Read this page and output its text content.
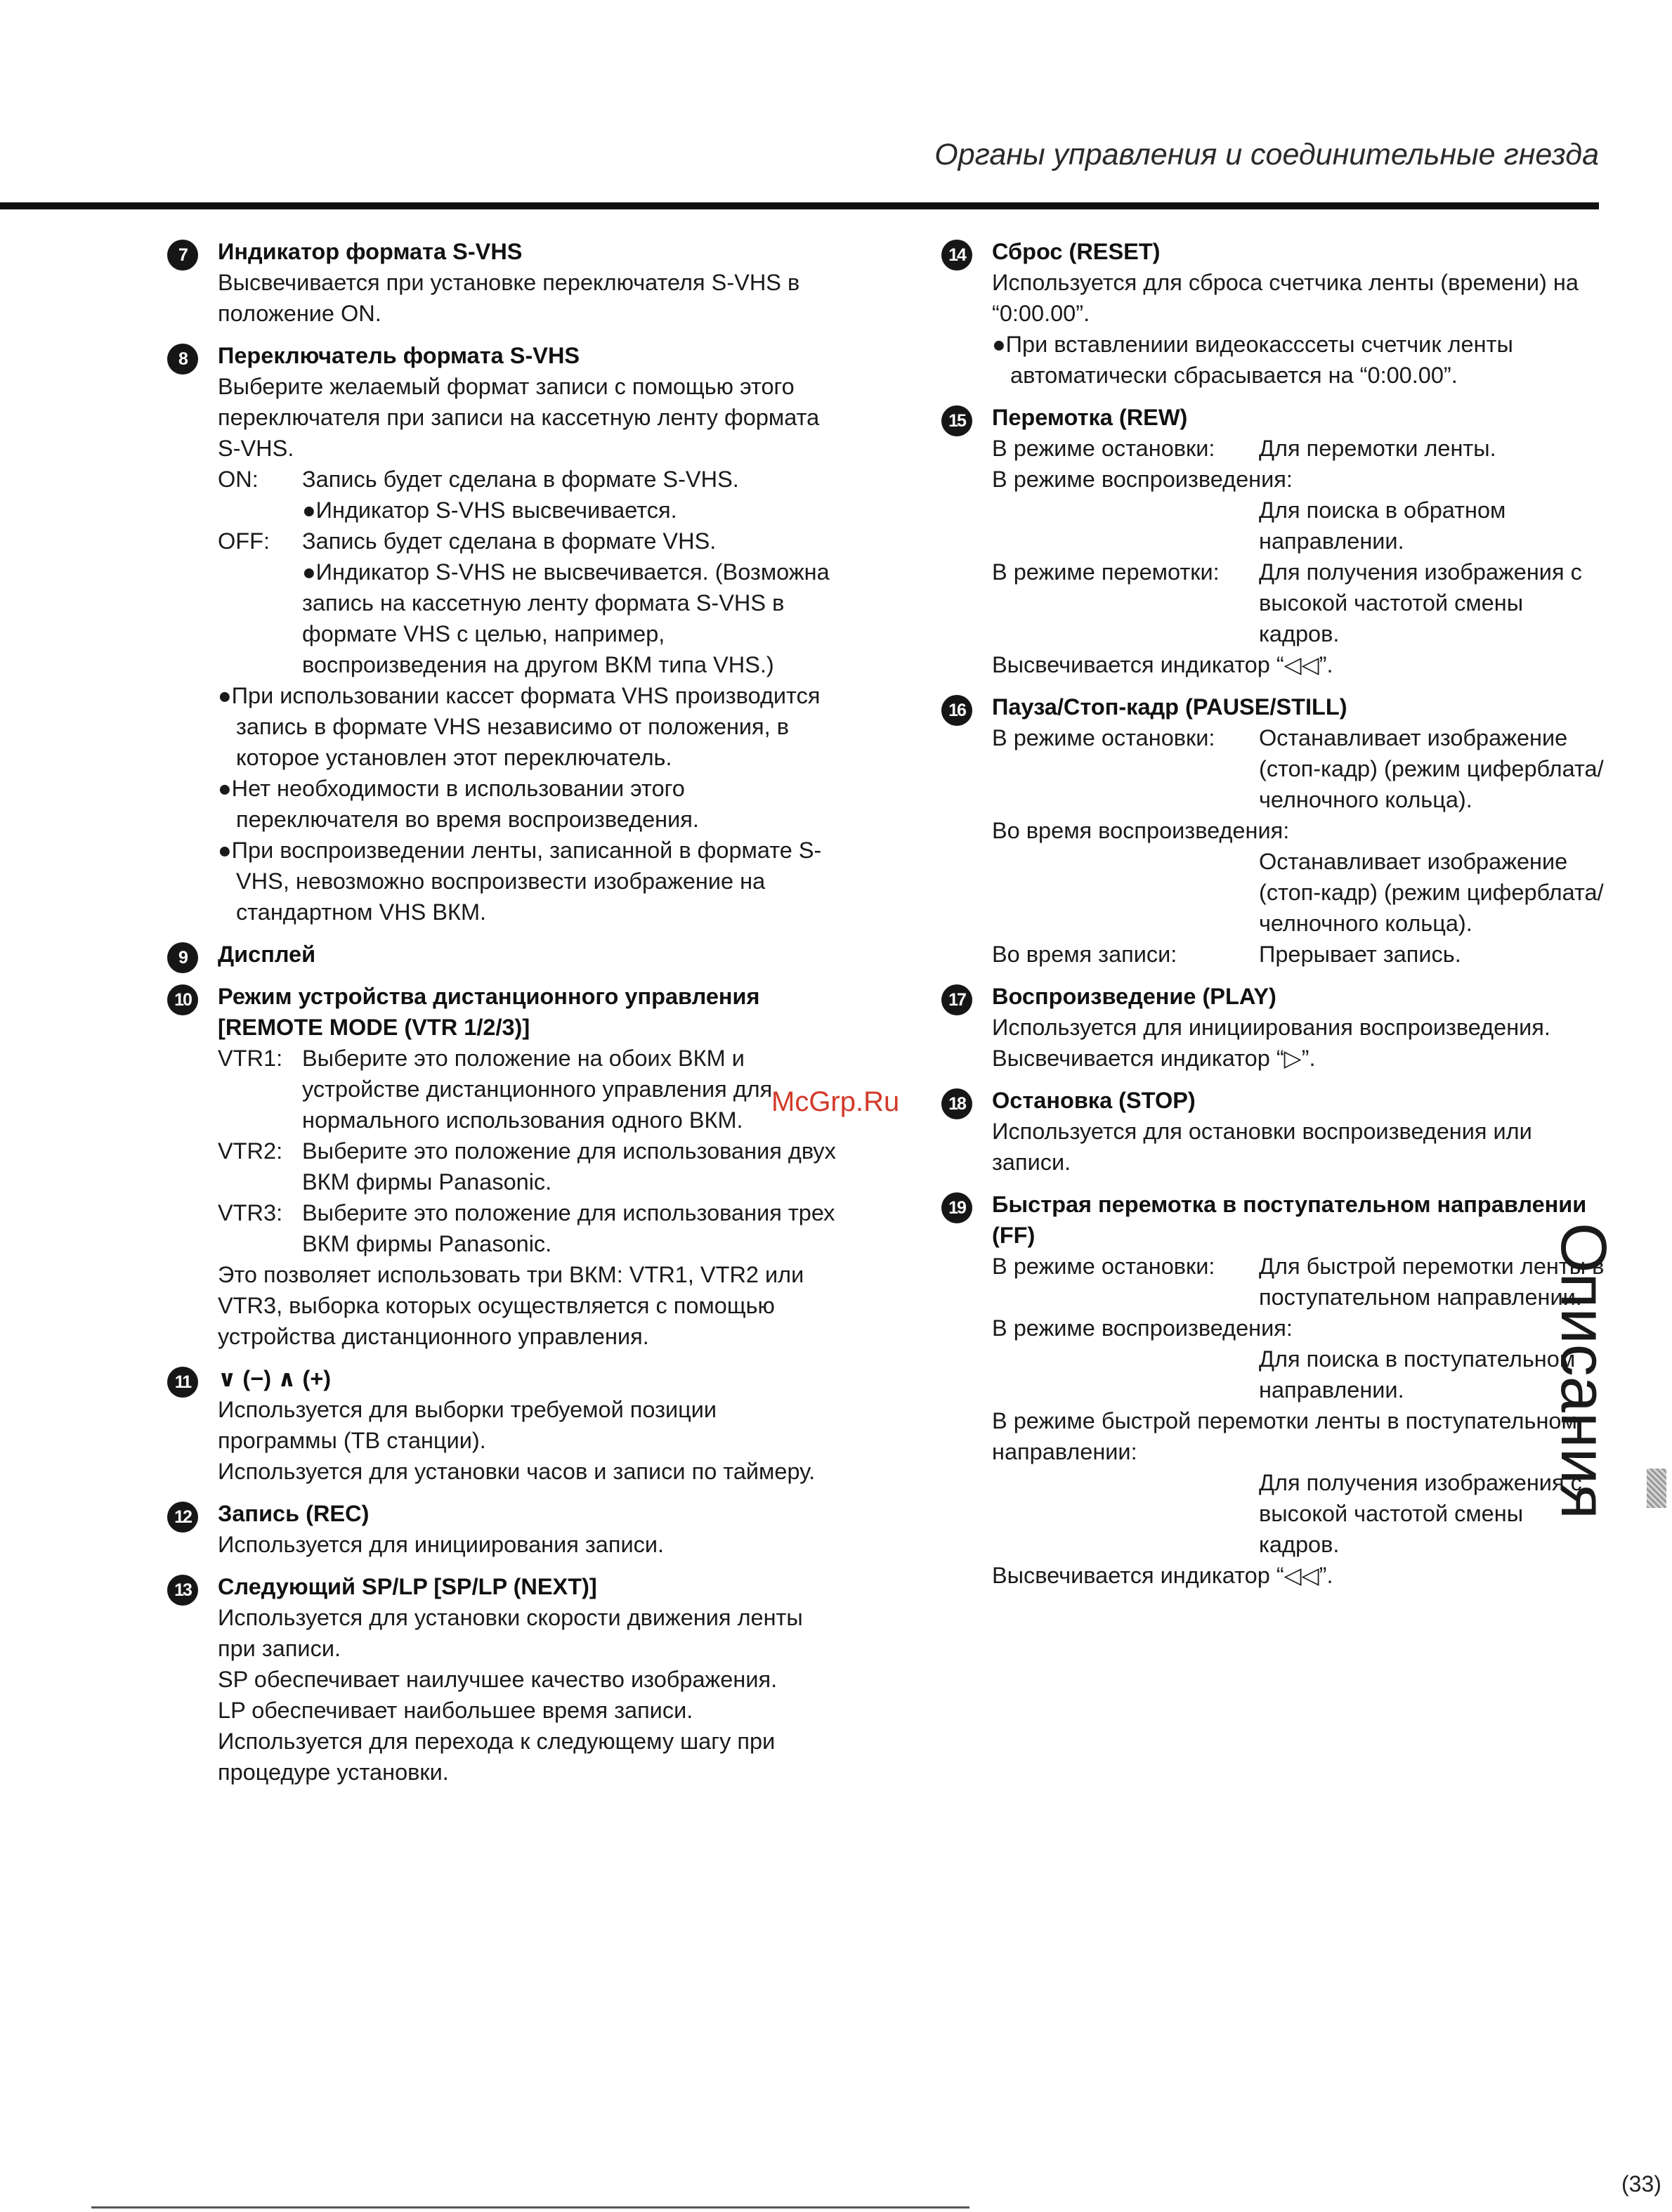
Органы управления и соединительные гнезда
7	Индикатор формата S-VHS

Высвечивается при установке переключателя S-VHS в положение ON.

8	Переключатель формата S-VHS

Выберите желаемый формат записи с помощью этого переключателя при записи на кассетную ленту формата S-VHS.

ON:	Запись будет сделана в формате S-VHS.

●Индикатор S-VHS высвечивается.

OFF:	Запись будет сделана в формате VHS.

●Индикатор S-VHS не высвечивается. (Возможна запись на кассетную ленту формата S-VHS в формате VHS с целью, например, воспроизведения на другом ВКМ типа VHS.)

●При использовании кассет формата VHS производится запись в формате VHS независимо от положения, в которое установлен этот переключатель.

●Нет необходимости в использовании этого переключателя во время воспроизведения.

●При воспроизведении ленты, записанной в формате S-VHS, невозможно воспроизвести изображение на стандартном VHS ВКМ.

9	Дисплей
10	Режим устройства дистанционного управления [REMOTE MODE (VTR 1/2/3)]
VTR1: Выберите это положение на обоих ВКМ и устройстве дистанционного управления для нормального использования одного ВКМ.

VTR2: Выберите это положение для использования двух ВКМ фирмы Panasonic.

VTR3: Выберите это положение для использования трех ВКМ фирмы Panasonic.

Это позволяет использовать три ВКМ: VTR1, VTR2 или VTR3, выборка которых осуществляется с помощью устройства дистанционного управления.

11	∨ (−) ∧ (+)

Используется для выборки требуемой позиции программы (ТВ станции).

Используется для установки часов и записи по таймеру.

12	Запись (REC)

Используется для инициирования записи.

13	Следующий SP/LP [SP/LP (NEXT)]

Используется для установки скорости движения ленты при записи.

SP обеспечивает наилучшее качество изображения.

LP обеспечивает наибольшее время записи.

Используется для перехода к следующему шагу при процедуре установки.

14	Сброс (RESET)

Используется для сброса счетчика ленты (времени) на “0:00.00”.

●При вставлениии видеокасссеты счетчик ленты автоматически сбрасывается на “0:00.00”.

15	Перемотка (REW)
В режиме остановки:	Для перемотки ленты.

В режиме воспроизведения:

Для поиска в обратном направлении.

В режиме перемотки:	Для получения изображения с высокой частотой смены кадров.

Высвечивается индикатор “◁◁”.

16	Пауза/Стоп-кадр (PAUSE/STILL)
В режиме остановки:	Останавливает изображение (стоп-кадр) (режим циферблата/ челночного кольца).

Во время воспроизведения:

Останавливает изображение (стоп-кадр) (режим циферблата/ челночного кольца).

Во время записи:	Прерывает запись.
17	Воспроизведение (PLAY)

Используется для инициирования воспроизведения. Высвечивается индикатор “▷”.

18	Остановка (STOP)

Используется для остановки воспроизведения или записи.

19	Быстрая перемотка в поступательном направлении (FF)
В режиме остановки:	Для быстрой перемотки ленты в поступательном направлении.

В режиме воспроизведения:

Для поиска в поступательном направлении.

В режиме быстрой перемотки ленты в поступательном направлении:

Для получения изображения с высокой частотой смены кадров.

Высвечивается индикатор “◁◁”.

McGrp.Ru
Описания
(33)
